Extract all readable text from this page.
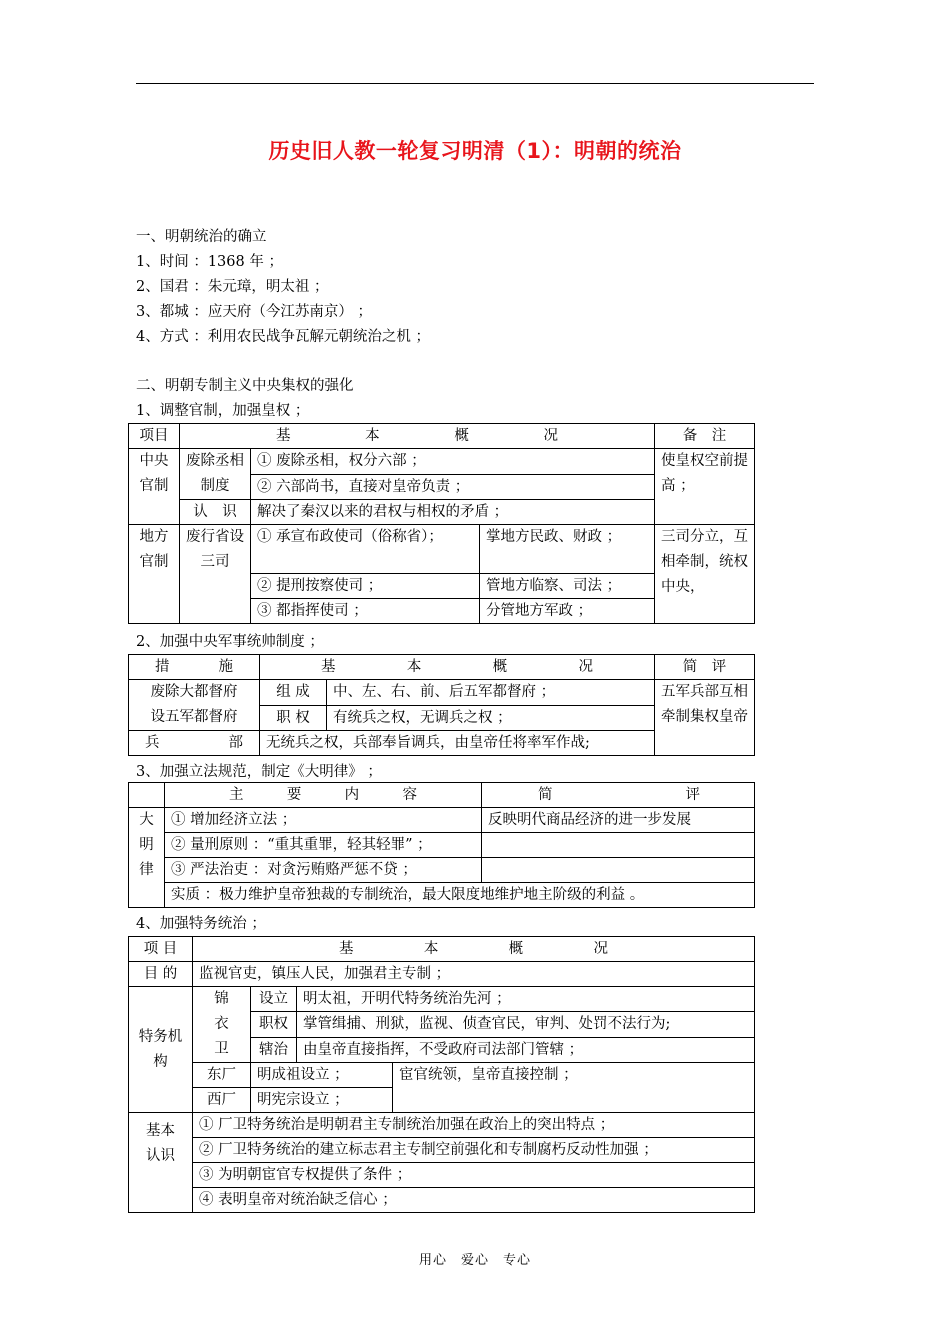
历史旧人教一轮复习明清（1）：明朝的统治
一、明朝统治的确立
1、时间 ：1368 年 ；
2、国君 ：朱元璋，明太祖 ；
3、都城 ：应天府（今江苏南京） ；
4、方式 ：利用农民战争瓦解元朝统治之机 ；
二、明朝专制主义中央集权的强化
1、调整官制，加强皇权 ；
项目	基 本 概 况			备　注
中央官制	废除丞相制度	① 废除丞相，权分六部 ；		使皇权空前提高 ；
		② 六部尚书，直接对皇帝负责 ；		
	认　识	解决了秦汉以来的君权与相权的矛盾 ；		
地方官制	废行省设三司	① 承宣布政使司（俗称省）；	掌地方民政、财政 ；	三司分立，互相牵制，统权中央，
		② 提刑按察使司 ；	管地方临察、司法 ；	
		③ 都指挥使司 ；	分管地方军政 ；	
2、加强中央军事统帅制度 ；
措 施	基 本 概 况		简　评

废除大都督府
设五军都督府	组 成	中、左、右、前、后五军都督府 ；	五军兵部互相牵制集权皇帝
	职 权	有统兵之权，无调兵之权 ；	

兵 部	无统兵之权，兵部奉旨调兵，由皇帝任将率军作战;		
3、加强立法规范，制定《大明律》 ；

	主 要 内 容	简 评

大明律	① 增加经济立法 ；	反映明代商品经济的进一步发展
	② 量刑原则 ：“重其重罪，轻其轻罪” ；	
	③ 严法治吏 ：对贪污贿赂严惩不贷 ；	
	实质 ：极力维护皇帝独裁的专制统治，最大限度地维护地主阶级的利益 。	
4、加强特务统治 ；
项 目	基 本 概 况			

目 的	监视官吏，镇压人民，加强君主专制 ；			
特务机构	锦衣卫	设立	明太祖，开明代特务统治先河 ；	
		职权	掌管缉捕、刑狱，监视、侦查官民，审判、处罚不法行为;	
		辖治	由皇帝直接指挥，不受政府司法部门管辖 ；	
	东厂	明成祖设立 ；		宦官统领，皇帝直接控制 ；
	西厂	明宪宗设立 ；		
基本认识	① 厂卫特务统治是明朝君主专制统治加强在政治上的突出特点 ；			
	② 厂卫特务统治的建立标志君主专制空前强化和专制腐朽反动性加强 ；			
	③ 为明朝宦官专权提供了条件 ；			
	④ 表明皇帝对统治缺乏信心 ；			
用心　爱心　专心
